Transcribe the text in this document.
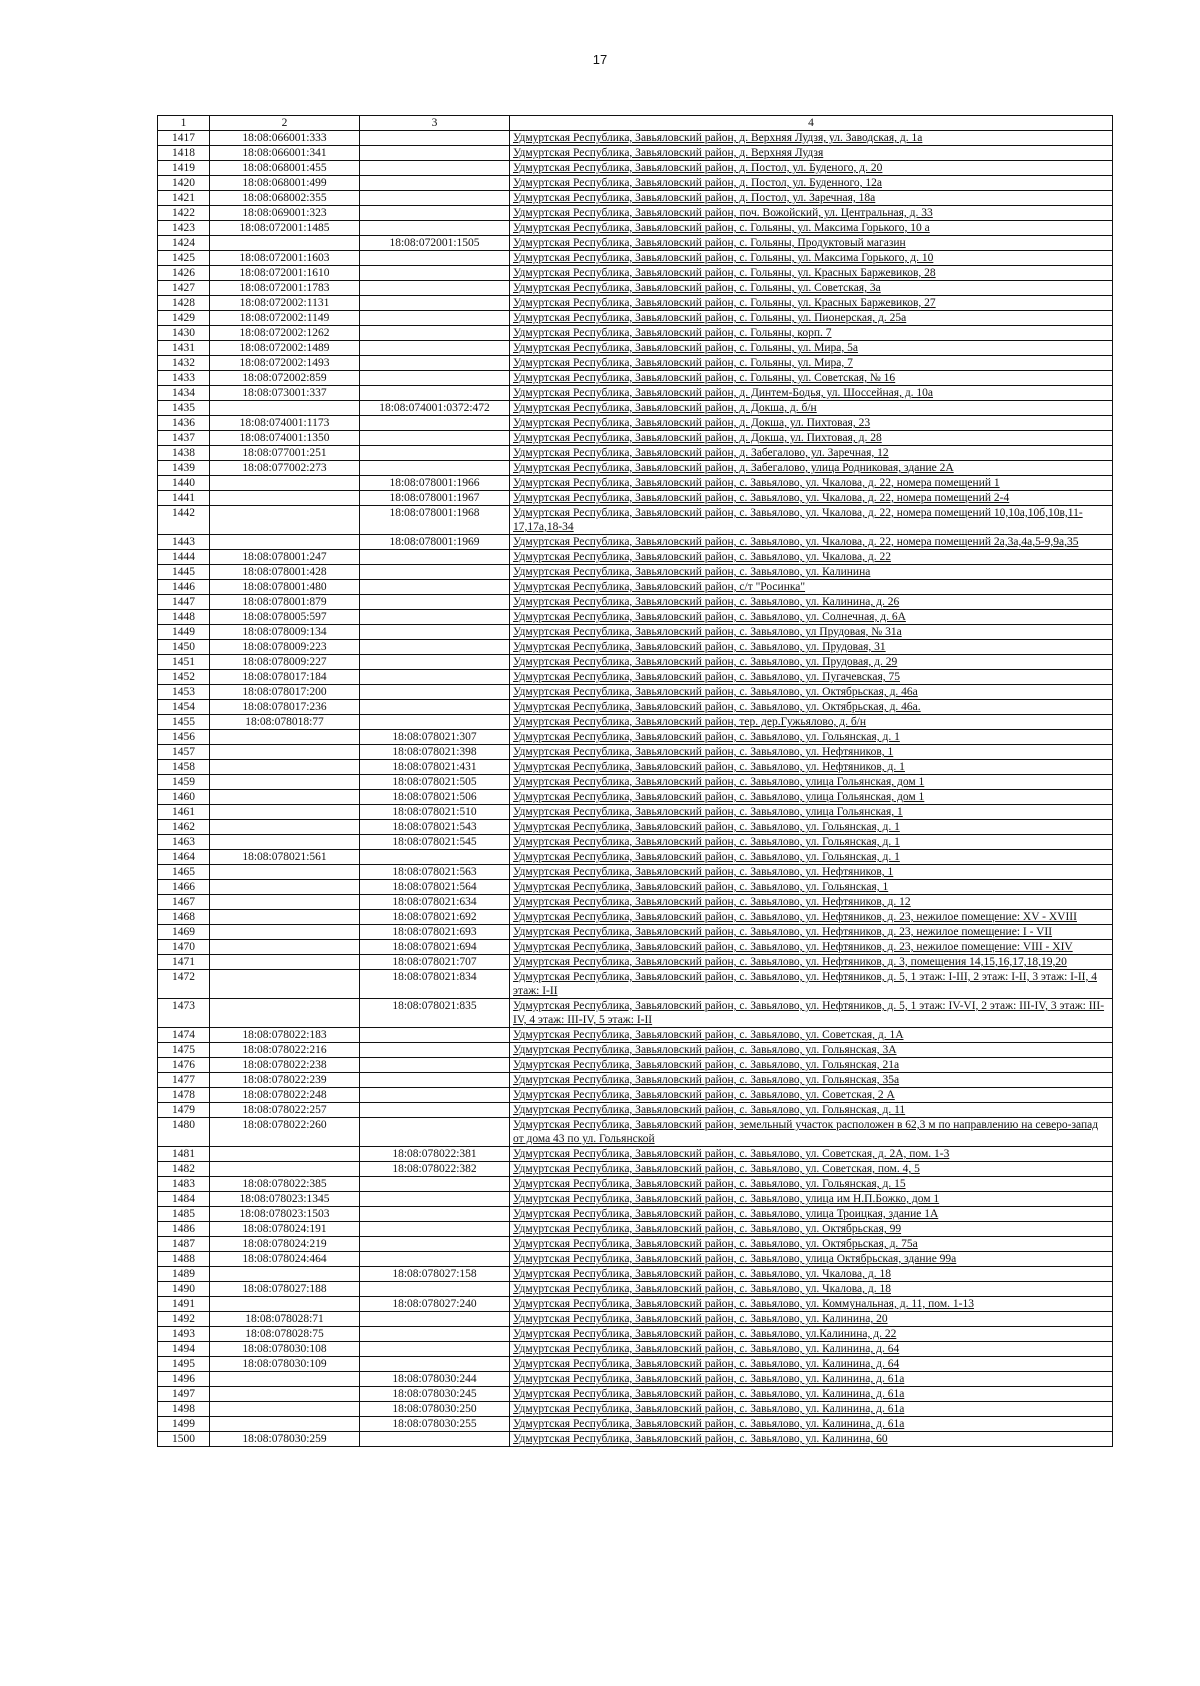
17
1	2	3	4
1417	18:08:066001:333		Удмуртская Республика, Завьяловский район, д. Верхняя Лудзя, ул. Заводская, д. 1а
1418	18:08:066001:341		Удмуртская Республика, Завьяловский район, д. Верхняя Лудзя
1419	18:08:068001:455		Удмуртская Республика, Завьяловский район, д. Постол, ул. Буденого, д. 20
1420	18:08:068001:499		Удмуртская Республика, Завьяловский район, д. Постол, ул. Буденного, 12а
1421	18:08:068002:355		Удмуртская Республика, Завьяловский район, д. Постол, ул. Заречная, 18а
1422	18:08:069001:323		Удмуртская Республика, Завьяловский район, поч. Вожойский, ул. Центральная, д. 33
1423	18:08:072001:1485		Удмуртская Республика, Завьяловский район, с. Гольяны, ул. Максима Горького, 10 а
1424		18:08:072001:1505	Удмуртская Республика, Завьяловский район, с. Гольяны, Продуктовый магазин
1425	18:08:072001:1603		Удмуртская Республика, Завьяловский район, с. Гольяны, ул. Максима Горького, д. 10
1426	18:08:072001:1610		Удмуртская Республика, Завьяловский район, с. Гольяны, ул. Красных Баржевиков, 28
1427	18:08:072001:1783		Удмуртская Республика, Завьяловский район, с. Гольяны, ул. Советская, 3а
1428	18:08:072002:1131		Удмуртская Республика, Завьяловский район, с. Гольяны, ул. Красных Баржевиков, 27
1429	18:08:072002:1149		Удмуртская Республика, Завьяловский район, с. Гольяны, ул. Пионерская, д. 25а
1430	18:08:072002:1262		Удмуртская Республика, Завьяловский район, с. Гольяны, корп. 7
1431	18:08:072002:1489		Удмуртская Республика, Завьяловский район, с. Гольяны, ул. Мира, 5а
1432	18:08:072002:1493		Удмуртская Республика, Завьяловский район, с. Гольяны, ул. Мира, 7
1433	18:08:072002:859		Удмуртская Республика, Завьяловский район, с. Гольяны, ул. Советская, № 16
1434	18:08:073001:337		Удмуртская Республика, Завьяловский район, д. Динтем-Бодья, ул. Шоссейная, д. 10а
1435		18:08:074001:0372:472	Удмуртская Республика, Завьяловский район, д. Докша, д. б/н
1436	18:08:074001:1173		Удмуртская Республика, Завьяловский район, д. Докша, ул. Пихтовая, 23
1437	18:08:074001:1350		Удмуртская Республика, Завьяловский район, д. Докша, ул. Пихтовая, д. 28
1438	18:08:077001:251		Удмуртская Республика, Завьяловский район, д. Забегалово, ул. Заречная, 12
1439	18:08:077002:273		Удмуртская Республика, Завьяловский район, д. Забегалово, улица Родниковая, здание 2А
1440		18:08:078001:1966	Удмуртская Республика, Завьяловский район, с. Завьялово, ул. Чкалова, д. 22, номера помещений 1
1441		18:08:078001:1967	Удмуртская Республика, Завьяловский район, с. Завьялово, ул. Чкалова, д. 22, номера помещений 2-4
1442		18:08:078001:1968	Удмуртская Республика, Завьяловский район, с. Завьялово, ул. Чкалова, д. 22, номера помещений 10,10а,10б,10в,11-17,17а,18-34
1443		18:08:078001:1969	Удмуртская Республика, Завьяловский район, с. Завьялово, ул. Чкалова, д. 22, номера помещений 2а,3а,4а,5-9,9а,35
1444	18:08:078001:247		Удмуртская Республика, Завьяловский район, с. Завьялово, ул. Чкалова, д. 22
1445	18:08:078001:428		Удмуртская Республика, Завьяловский район, с. Завьялово, ул. Калинина
1446	18:08:078001:480		Удмуртская Республика, Завьяловский район, с/т "Росинка"
1447	18:08:078001:879		Удмуртская Республика, Завьяловский район, с. Завьялово, ул. Калинина, д. 26
1448	18:08:078005:597		Удмуртская Республика, Завьяловский район, с. Завьялово, ул. Солнечная, д. 6А
1449	18:08:078009:134		Удмуртская Республика, Завьяловский район, с. Завьялово, ул Прудовая, № 31а
1450	18:08:078009:223		Удмуртская Республика, Завьяловский район, с. Завьялово, ул. Прудовая, 31
1451	18:08:078009:227		Удмуртская Республика, Завьяловский район, с. Завьялово, ул. Прудовая, д. 29
1452	18:08:078017:184		Удмуртская Республика, Завьяловский район, с. Завьялово, ул. Пугачевская, 75
1453	18:08:078017:200		Удмуртская Республика, Завьяловский район, с. Завьялово, ул. Октябрьская, д. 46а
1454	18:08:078017:236		Удмуртская Республика, Завьяловский район, с. Завьялово, ул. Октябрьская, д. 46а.
1455	18:08:078018:77		Удмуртская Республика, Завьяловский район, тер. дер.Гужьялово, д. б/н
1456		18:08:078021:307	Удмуртская Республика, Завьяловский район, с. Завьялово, ул. Гольянская, д. 1
1457		18:08:078021:398	Удмуртская Республика, Завьяловский район, с. Завьялово, ул. Нефтяников, 1
1458		18:08:078021:431	Удмуртская Республика, Завьяловский район, с. Завьялово, ул. Нефтяников, д. 1
1459		18:08:078021:505	Удмуртская Республика, Завьяловский район, с. Завьялово, улица Гольянская, дом 1
1460		18:08:078021:506	Удмуртская Республика, Завьяловский район, с. Завьялово, улица Гольянская, дом 1
1461		18:08:078021:510	Удмуртская Республика, Завьяловский район, с. Завьялово, улица Гольянская, 1
1462		18:08:078021:543	Удмуртская Республика, Завьяловский район, с. Завьялово, ул. Гольянская, д. 1
1463		18:08:078021:545	Удмуртская Республика, Завьяловский район, с. Завьялово, ул. Гольянская, д. 1
1464	18:08:078021:561		Удмуртская Республика, Завьяловский район, с. Завьялово, ул. Гольянская, д. 1
1465		18:08:078021:563	Удмуртская Республика, Завьяловский район, с. Завьялово, ул. Нефтяников, 1
1466		18:08:078021:564	Удмуртская Республика, Завьяловский район, с. Завьялово, ул. Гольянская, 1
1467		18:08:078021:634	Удмуртская Республика, Завьяловский район, с. Завьялово, ул. Нефтяников, д. 12
1468		18:08:078021:692	Удмуртская Республика, Завьяловский район, с. Завьялово, ул. Нефтяников, д. 23, нежилое помещение: XV - XVIII
1469		18:08:078021:693	Удмуртская Республика, Завьяловский район, с. Завьялово, ул. Нефтяников, д. 23, нежилое помещение: I - VII
1470		18:08:078021:694	Удмуртская Республика, Завьяловский район, с. Завьялово, ул. Нефтяников, д. 23, нежилое помещение: VIII - XIV
1471		18:08:078021:707	Удмуртская Республика, Завьяловский район, с. Завьялово, ул. Нефтяников, д. 3, помещения 14,15,16,17,18,19,20
1472		18:08:078021:834	Удмуртская Республика, Завьяловский район, с. Завьялово, ул. Нефтяников, д. 5, 1 этаж: I-III, 2 этаж: I-II, 3 этаж: I-II, 4 этаж: I-II
1473		18:08:078021:835	Удмуртская Республика, Завьяловский район, с. Завьялово, ул. Нефтяников, д. 5, 1 этаж: IV-VI, 2 этаж: III-IV, 3 этаж: III-IV, 4 этаж: III-IV, 5 этаж: I-II
1474	18:08:078022:183		Удмуртская Республика, Завьяловский район, с. Завьялово, ул. Советская, д. 1А
1475	18:08:078022:216		Удмуртская Республика, Завьяловский район, с. Завьялово, ул. Гольянская, 3А
1476	18:08:078022:238		Удмуртская Республика, Завьяловский район, с. Завьялово, ул. Гольянская, 21а
1477	18:08:078022:239		Удмуртская Республика, Завьяловский район, с. Завьялово, ул. Гольянская, 35а
1478	18:08:078022:248		Удмуртская Республика, Завьяловский район, с. Завьялово, ул. Советская, 2 А
1479	18:08:078022:257		Удмуртская Республика, Завьяловский район, с. Завьялово, ул. Гольянская, д. 11
1480	18:08:078022:260		Удмуртская Республика, Завьяловский район, земельный участок расположен в 62,3 м по направлению на северо-запад от дома 43 по ул. Гольянской
1481		18:08:078022:381	Удмуртская Республика, Завьяловский район, с. Завьялово, ул. Советская, д. 2А, пом. 1-3
1482		18:08:078022:382	Удмуртская Республика, Завьяловский район, с. Завьялово, ул. Советская, пом. 4, 5
1483	18:08:078022:385		Удмуртская Республика, Завьяловский район, с. Завьялово, ул. Гольянская, д. 15
1484	18:08:078023:1345		Удмуртская Республика, Завьяловский район, с. Завьялово, улица им Н.П.Божко, дом 1
1485	18:08:078023:1503		Удмуртская Республика, Завьяловский район, с. Завьялово, улица Троицкая, здание 1А
1486	18:08:078024:191		Удмуртская Республика, Завьяловский район, с. Завьялово, ул. Октябрьская, 99
1487	18:08:078024:219		Удмуртская Республика, Завьяловский район, с. Завьялово, ул. Октябрьская, д. 75а
1488	18:08:078024:464		Удмуртская Республика, Завьяловский район, с. Завьялово, улица Октябрьская, здание 99а
1489		18:08:078027:158	Удмуртская Республика, Завьяловский район, с. Завьялово, ул. Чкалова, д. 18
1490	18:08:078027:188		Удмуртская Республика, Завьяловский район, с. Завьялово, ул. Чкалова, д. 18
1491		18:08:078027:240	Удмуртская Республика, Завьяловский район, с. Завьялово, ул. Коммунальная, д. 11, пом. 1-13
1492	18:08:078028:71		Удмуртская Республика, Завьяловский район, с. Завьялово, ул. Калинина, 20
1493	18:08:078028:75		Удмуртская Республика, Завьяловский район, с. Завьялово, ул.Калинина, д. 22
1494	18:08:078030:108		Удмуртская Республика, Завьяловский район, с. Завьялово, ул. Калинина, д. 64
1495	18:08:078030:109		Удмуртская Республика, Завьяловский район, с. Завьялово, ул. Калинина, д. 64
1496		18:08:078030:244	Удмуртская Республика, Завьяловский район, с. Завьялово, ул. Калинина, д. 61а
1497		18:08:078030:245	Удмуртская Республика, Завьяловский район, с. Завьялово, ул. Калинина, д. 61а
1498		18:08:078030:250	Удмуртская Республика, Завьяловский район, с. Завьялово, ул. Калинина, д. 61а
1499		18:08:078030:255	Удмуртская Республика, Завьяловский район, с. Завьялово, ул. Калинина, д. 61а
1500	18:08:078030:259		Удмуртская Республика, Завьяловский район, с. Завьялово, ул. Калинина, 60
